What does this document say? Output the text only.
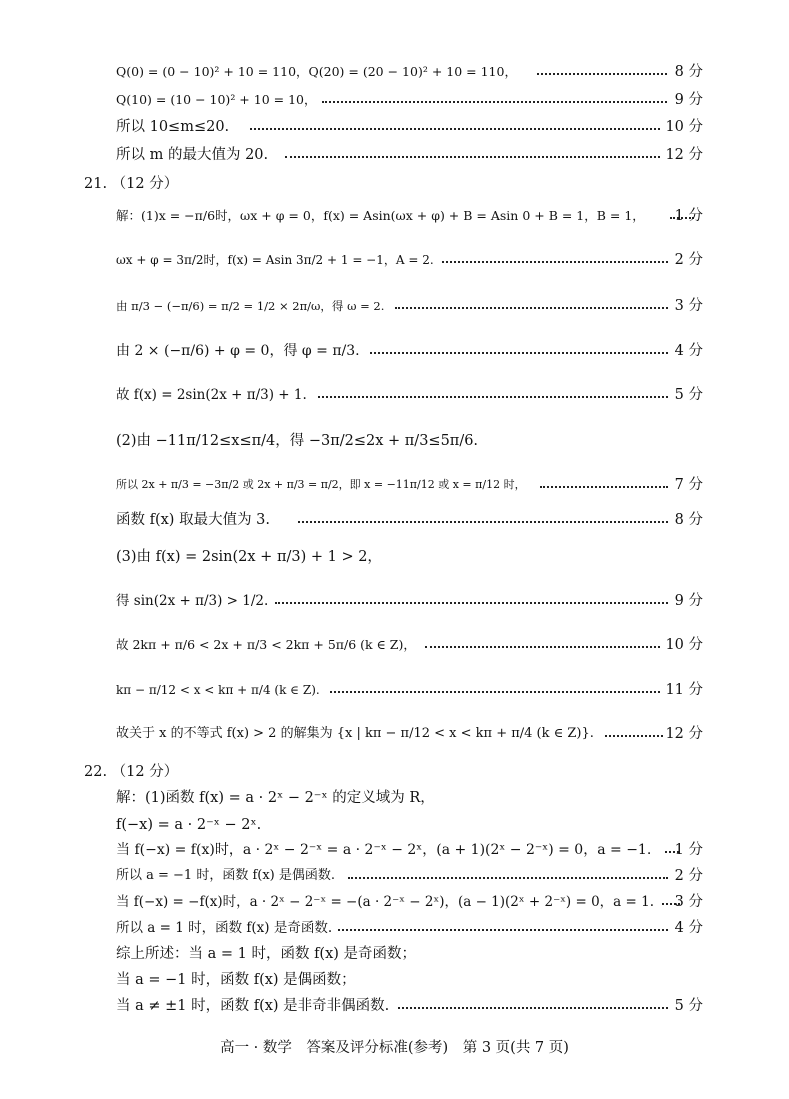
Q(0) = (0 − 10)² + 10 = 110，Q(20) = (20 − 10)² + 10 = 110，	8 分
Q(10) = (10 − 10)² + 10 = 10，	9 分
所以 10≤m≤20.	10 分
所以 m 的最大值为 20.	12 分
21. （12 分）
解：(1)x = −π/6时，ωx + φ = 0，f(x) = Asin(ωx + φ) + B = Asin 0 + B = 1，B = 1， 1 分
ωx + φ = 3π/2时，f(x) = Asin 3π/2 + 1 = −1，A = 2.	2 分
由 π/3 − (−π/6) = π/2 = 1/2 × 2π/ω，得 ω = 2.	3 分
由 2 × (−π/6) + φ = 0，得 φ = π/3.	4 分
故 f(x) = 2sin(2x + π/3) + 1.	5 分
(2)由 −11π/12≤x≤π/4，得 −3π/2≤2x + π/3≤5π/6.
所以 2x + π/3 = −3π/2 或 2x + π/3 = π/2，即 x = −11π/12 或 x = π/12 时，	7 分
函数 f(x) 取最大值为 3.	8 分
(3)由 f(x) = 2sin(2x + π/3) + 1 > 2，
得 sin(2x + π/3) > 1/2.	9 分
故 2kπ + π/6 < 2x + π/3 < 2kπ + 5π/6 (k ∈ Z)，	10 分
kπ − π/12 < x < kπ + π/4 (k ∈ Z).	11 分
故关于 x 的不等式 f(x) > 2 的解集为 {x | kπ − π/12 < x < kπ + π/4 (k ∈ Z)}.	12 分
22. （12 分）
解：(1)函数 f(x) = a · 2ˣ − 2⁻ˣ 的定义域为 R，
f(−x) = a · 2⁻ˣ − 2ˣ.
当 f(−x) = f(x)时，a · 2ˣ − 2⁻ˣ = a · 2⁻ˣ − 2ˣ，(a + 1)(2ˣ − 2⁻ˣ) = 0，a = −1. 1 分
所以 a = −1 时，函数 f(x) 是偶函数.	2 分
当 f(−x) = −f(x)时，a · 2ˣ − 2⁻ˣ = −(a · 2⁻ˣ − 2ˣ)，(a − 1)(2ˣ + 2⁻ˣ) = 0，a = 1. 3 分
所以 a = 1 时，函数 f(x) 是奇函数.	4 分
综上所述：当 a = 1 时，函数 f(x) 是奇函数；
当 a = −1 时，函数 f(x) 是偶函数；
当 a ≠ ±1 时，函数 f(x) 是非奇非偶函数.	5 分
高一 · 数学　答案及评分标准(参考)　第 3 页(共 7 页)
